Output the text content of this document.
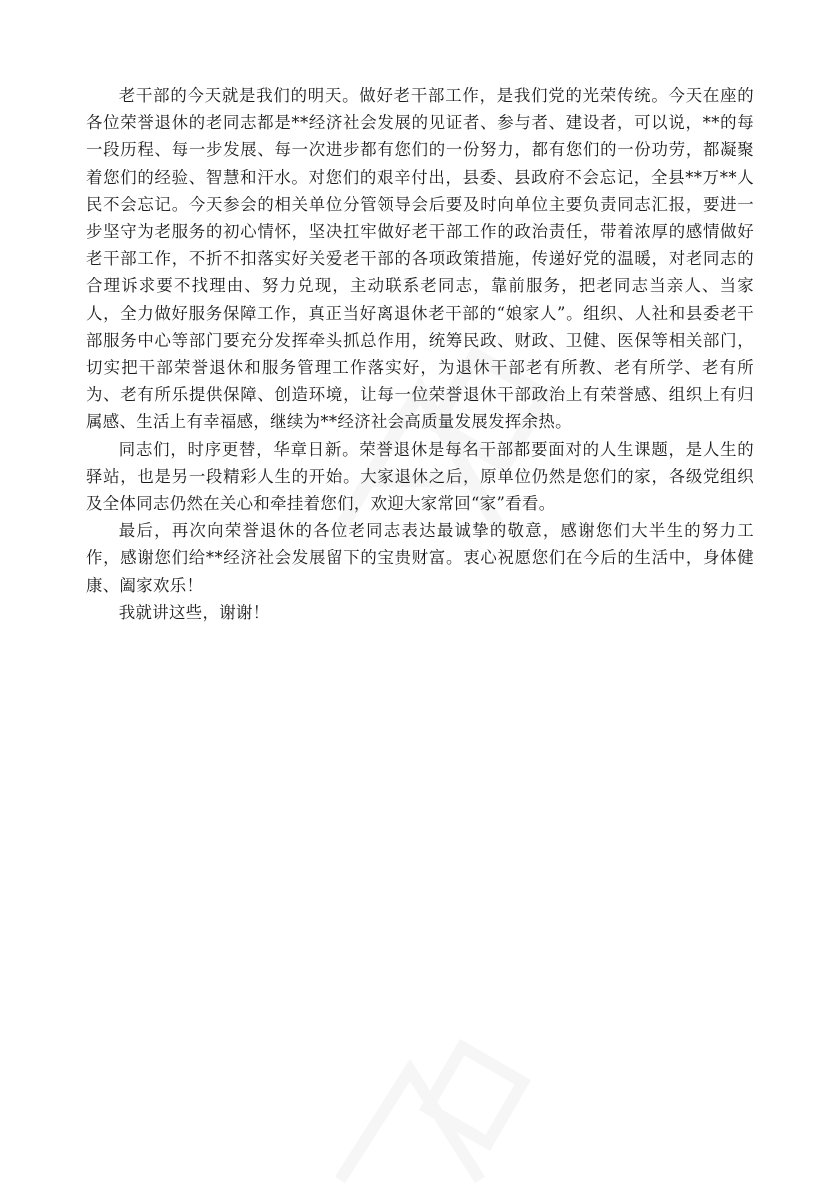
老干部的今天就是我们的明天。做好老干部工作，是我们党的光荣传统。今天在座的各位荣誉退休的老同志都是**经济社会发展的见证者、参与者、建设者，可以说，**的每一段历程、每一步发展、每一次进步都有您们的一份努力，都有您们的一份功劳，都凝聚着您们的经验、智慧和汗水。对您们的艰辛付出，县委、县政府不会忘记，全县**万**人民不会忘记。今天参会的相关单位分管领导会后要及时向单位主要负责同志汇报，要进一步坚守为老服务的初心情怀，坚决扛牢做好老干部工作的政治责任，带着浓厚的感情做好老干部工作，不折不扣落实好关爱老干部的各项政策措施，传递好党的温暖，对老同志的合理诉求要不找理由、努力兑现，主动联系老同志，靠前服务，把老同志当亲人、当家人，全力做好服务保障工作，真正当好离退休老干部的“娘家人”。组织、人社和县委老干部服务中心等部门要充分发挥牵头抓总作用，统筹民政、财政、卫健、医保等相关部门，切实把干部荣誉退休和服务管理工作落实好，为退休干部老有所教、老有所学、老有所为、老有所乐提供保障、创造环境，让每一位荣誉退休干部政治上有荣誉感、组织上有归属感、生活上有幸福感，继续为**经济社会高质量发展发挥余热。

同志们，时序更替，华章日新。荣誉退休是每名干部都要面对的人生课题，是人生的驿站，也是另一段精彩人生的开始。大家退休之后，原单位仍然是您们的家，各级党组织及全体同志仍然在关心和牵挂着您们，欢迎大家常回“家”看看。

最后，再次向荣誉退休的各位老同志表达最诚挚的敬意，感谢您们大半生的努力工作，感谢您们给**经济社会发展留下的宝贵财富。衷心祝愿您们在今后的生活中，身体健康、阖家欢乐！

我就讲这些，谢谢！
